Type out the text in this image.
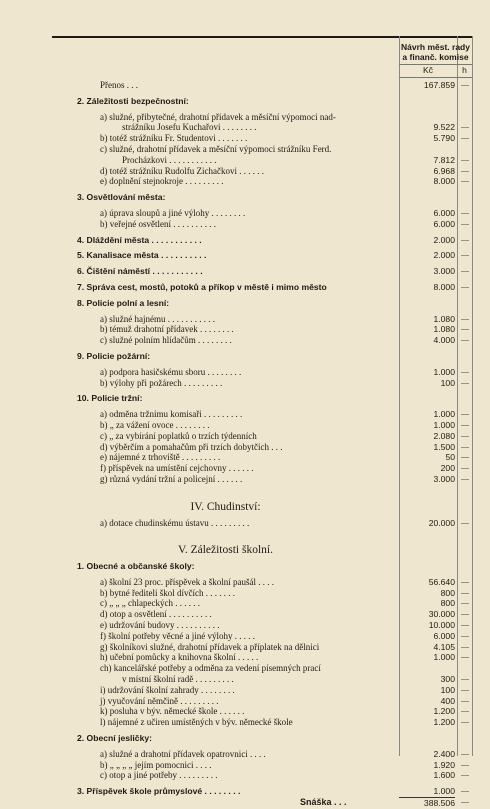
Návrh měst. rady
a finanč. komise
Kč	h
Přenos . . .	167.859 —
2. Záležitosti bezpečnostní:
a) služné, přibytečné, drahotní přídavek a měsíční výpomoci nad-
strážníku Josefu Kuchařovi . . . . . . . .	9.522 —
b) totéž strážníku Fr. Studentovi . . . . . . .	5.790 —
c) služné, drahotní přídavek a měsíční výpomoci strážníku Ferd.
Procházkovi . . . . . . . . . . .	7.812 —
d) totéž strážníku Rudolfu Zichačkovi . . . . . .	6.968 —
e) doplnění stejnokroje . . . . . . . . .	8.000 —
3. Osvětlování města:
a) úprava sloupů a jiné výlohy . . . . . . . .	6.000 —
b) veřejné osvětlení . . . . . . . . . .	6.000 —
4. Dláždění města . . . . . . . . . . .	2.000 —
5. Kanalisace města . . . . . . . . . .	2.000 —
6. Čištění náměstí . . . . . . . . . . .	3.000 —
7. Správa cest, mostů, potoků a příkop v městě i mimo město	8.000 —
8. Policie polní a lesní:
a) služné hajnému . . . . . . . . . . .	1.080 —
b) témuž drahotní přídavek . . . . . . . .	1.080 —
c) služné polním hlídačům . . . . . . . .	4.000 —
9. Policie požární:
a) podpora hasičskému sboru . . . . . . . .	1.000 —
b) výlohy při požárech . . . . . . . . .	100 —
10. Policie tržní:
a) odměna tržnímu komisaři . . . . . . . . .	1.000 —
b) „ za vážení ovoce . . . . . . . .	1.000 —
c) „ za vybírání poplatků o trzích týdenních	2.080 —
d) výběrčím a pomahačům při trzích dobytčích . . .	1.500 —
e) nájemné z trhoviště . . . . . . . . .	50 —
f) příspěvek na umístění cejchovny . . . . . .	200 —
g) různá vydání tržní a policejní . . . . . .	3.000 —
IV. Chudinství:
a) dotace chudinskému ústavu . . . . . . . . .	20.000 —
V. Záležitosti školní.
1. Obecné a občanské školy:
a) školní 23 proc. příspěvek a školní paušál . . . .	56.640 —
b) bytné řediteli škol dívčích . . . . . . .	800 —
c) „ „ „ chlapeckých . . . . . .	800 —
d) otop a osvětlení . . . . . . . . . .	30.000 —
e) udržování budovy . . . . . . . . . .	10.000 —
f) školní potřeby věcné a jiné výlohy . . . . .	6.000 —
g) školníkovi služné, drahotní přídavek a příplatek na dělnici	4.105 —
h) učební pomůcky a knihovna školní . . . . .	1.000 —
ch) kancelářské potřeby a odměna za vedení písemných prací
v místní školní radě . . . . . . . . .	300 —
i) udržování školní zahrady . . . . . . . .	100 —
j) vyučování němčině . . . . . . . . .	400 —
k) posluha v býv. německé škole . . . . . .	1.200 —
l) nájemné z učiren umístěných v býv. německé škole	1.200 —
2. Obecní jesličky:
a) služné a drahotní přídavek opatrovnici . . . .	2.400 —
b) „ „ „ „ jejím pomocnici . . . .	1.920 —
c) otop a jiné potřeby . . . . . . . . .	1.600 —
3. Příspěvek škole průmyslové . . . . . . . .	1.000 —
Snáška . . .	388.506 —
